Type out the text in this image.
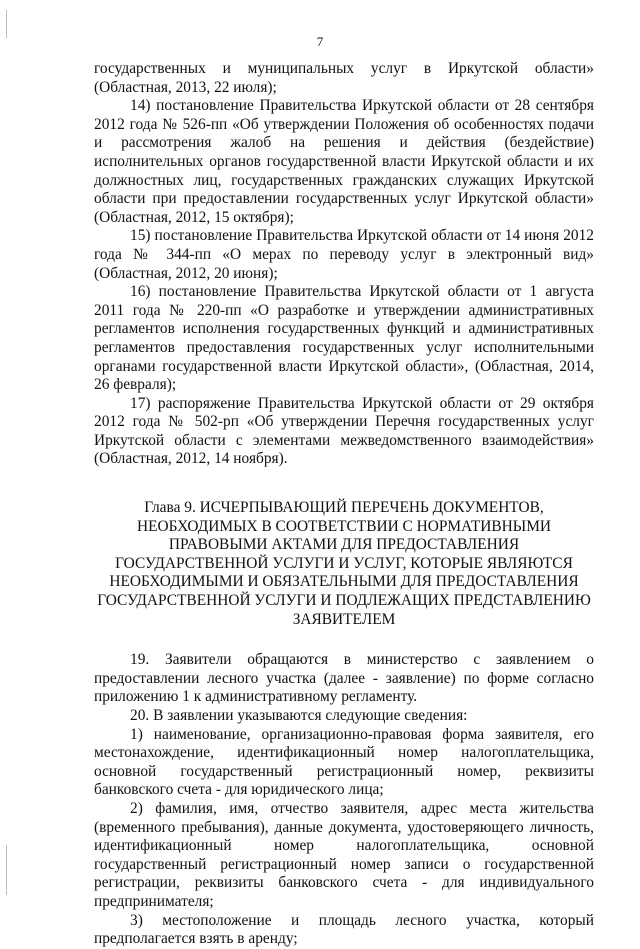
7

государственных и муниципальных услуг в Иркутской области» (Областная, 2013, 22 июля);

14) постановление Правительства Иркутской области от 28 сентября 2012 года № 526-пп «Об утверждении Положения об особенностях подачи и рассмотрения жалоб на решения и действия (бездействие) исполнительных органов государственной власти Иркутской области и их должностных лиц, государственных гражданских служащих Иркутской области при предоставлении государственных услуг Иркутской области» (Областная, 2012, 15 октября);

15) постановление Правительства Иркутской области от 14 июня 2012 года № 344-пп «О мерах по переводу услуг в электронный вид» (Областная, 2012, 20 июня);

16) постановление Правительства Иркутской области от 1 августа 2011 года № 220-пп «О разработке и утверждении административных регламентов исполнения государственных функций и административных регламентов предоставления государственных услуг исполнительными органами государственной власти Иркутской области», (Областная, 2014, 26 февраля);

17) распоряжение Правительства Иркутской области от 29 октября 2012 года № 502-рп «Об утверждении Перечня государственных услуг Иркутской области с элементами межведомственного взаимодействия» (Областная, 2012, 14 ноября).

Глава 9. ИСЧЕРПЫВАЮЩИЙ ПЕРЕЧЕНЬ ДОКУМЕНТОВ, НЕОБХОДИМЫХ В СООТВЕТСТВИИ С НОРМАТИВНЫМИ ПРАВОВЫМИ АКТАМИ ДЛЯ ПРЕДОСТАВЛЕНИЯ ГОСУДАРСТВЕННОЙ УСЛУГИ И УСЛУГ, КОТОРЫЕ ЯВЛЯЮТСЯ НЕОБХОДИМЫМИ И ОБЯЗАТЕЛЬНЫМИ ДЛЯ ПРЕДОСТАВЛЕНИЯ ГОСУДАРСТВЕННОЙ УСЛУГИ И ПОДЛЕЖАЩИХ ПРЕДСТАВЛЕНИЮ ЗАЯВИТЕЛЕМ

19. Заявители обращаются в министерство с заявлением о предоставлении лесного участка (далее - заявление) по форме согласно приложению 1 к административному регламенту.

20. В заявлении указываются следующие сведения:

1) наименование, организационно-правовая форма заявителя, его местонахождение, идентификационный номер налогоплательщика, основной государственный регистрационный номер, реквизиты банковского счета - для юридического лица;

2) фамилия, имя, отчество заявителя, адрес места жительства (временного пребывания), данные документа, удостоверяющего личность, идентификационный номер налогоплательщика, основной государственный регистрационный номер записи о государственной регистрации, реквизиты банковского счета - для индивидуального предпринимателя;

3) местоположение и площадь лесного участка, который предполагается взять в аренду;
